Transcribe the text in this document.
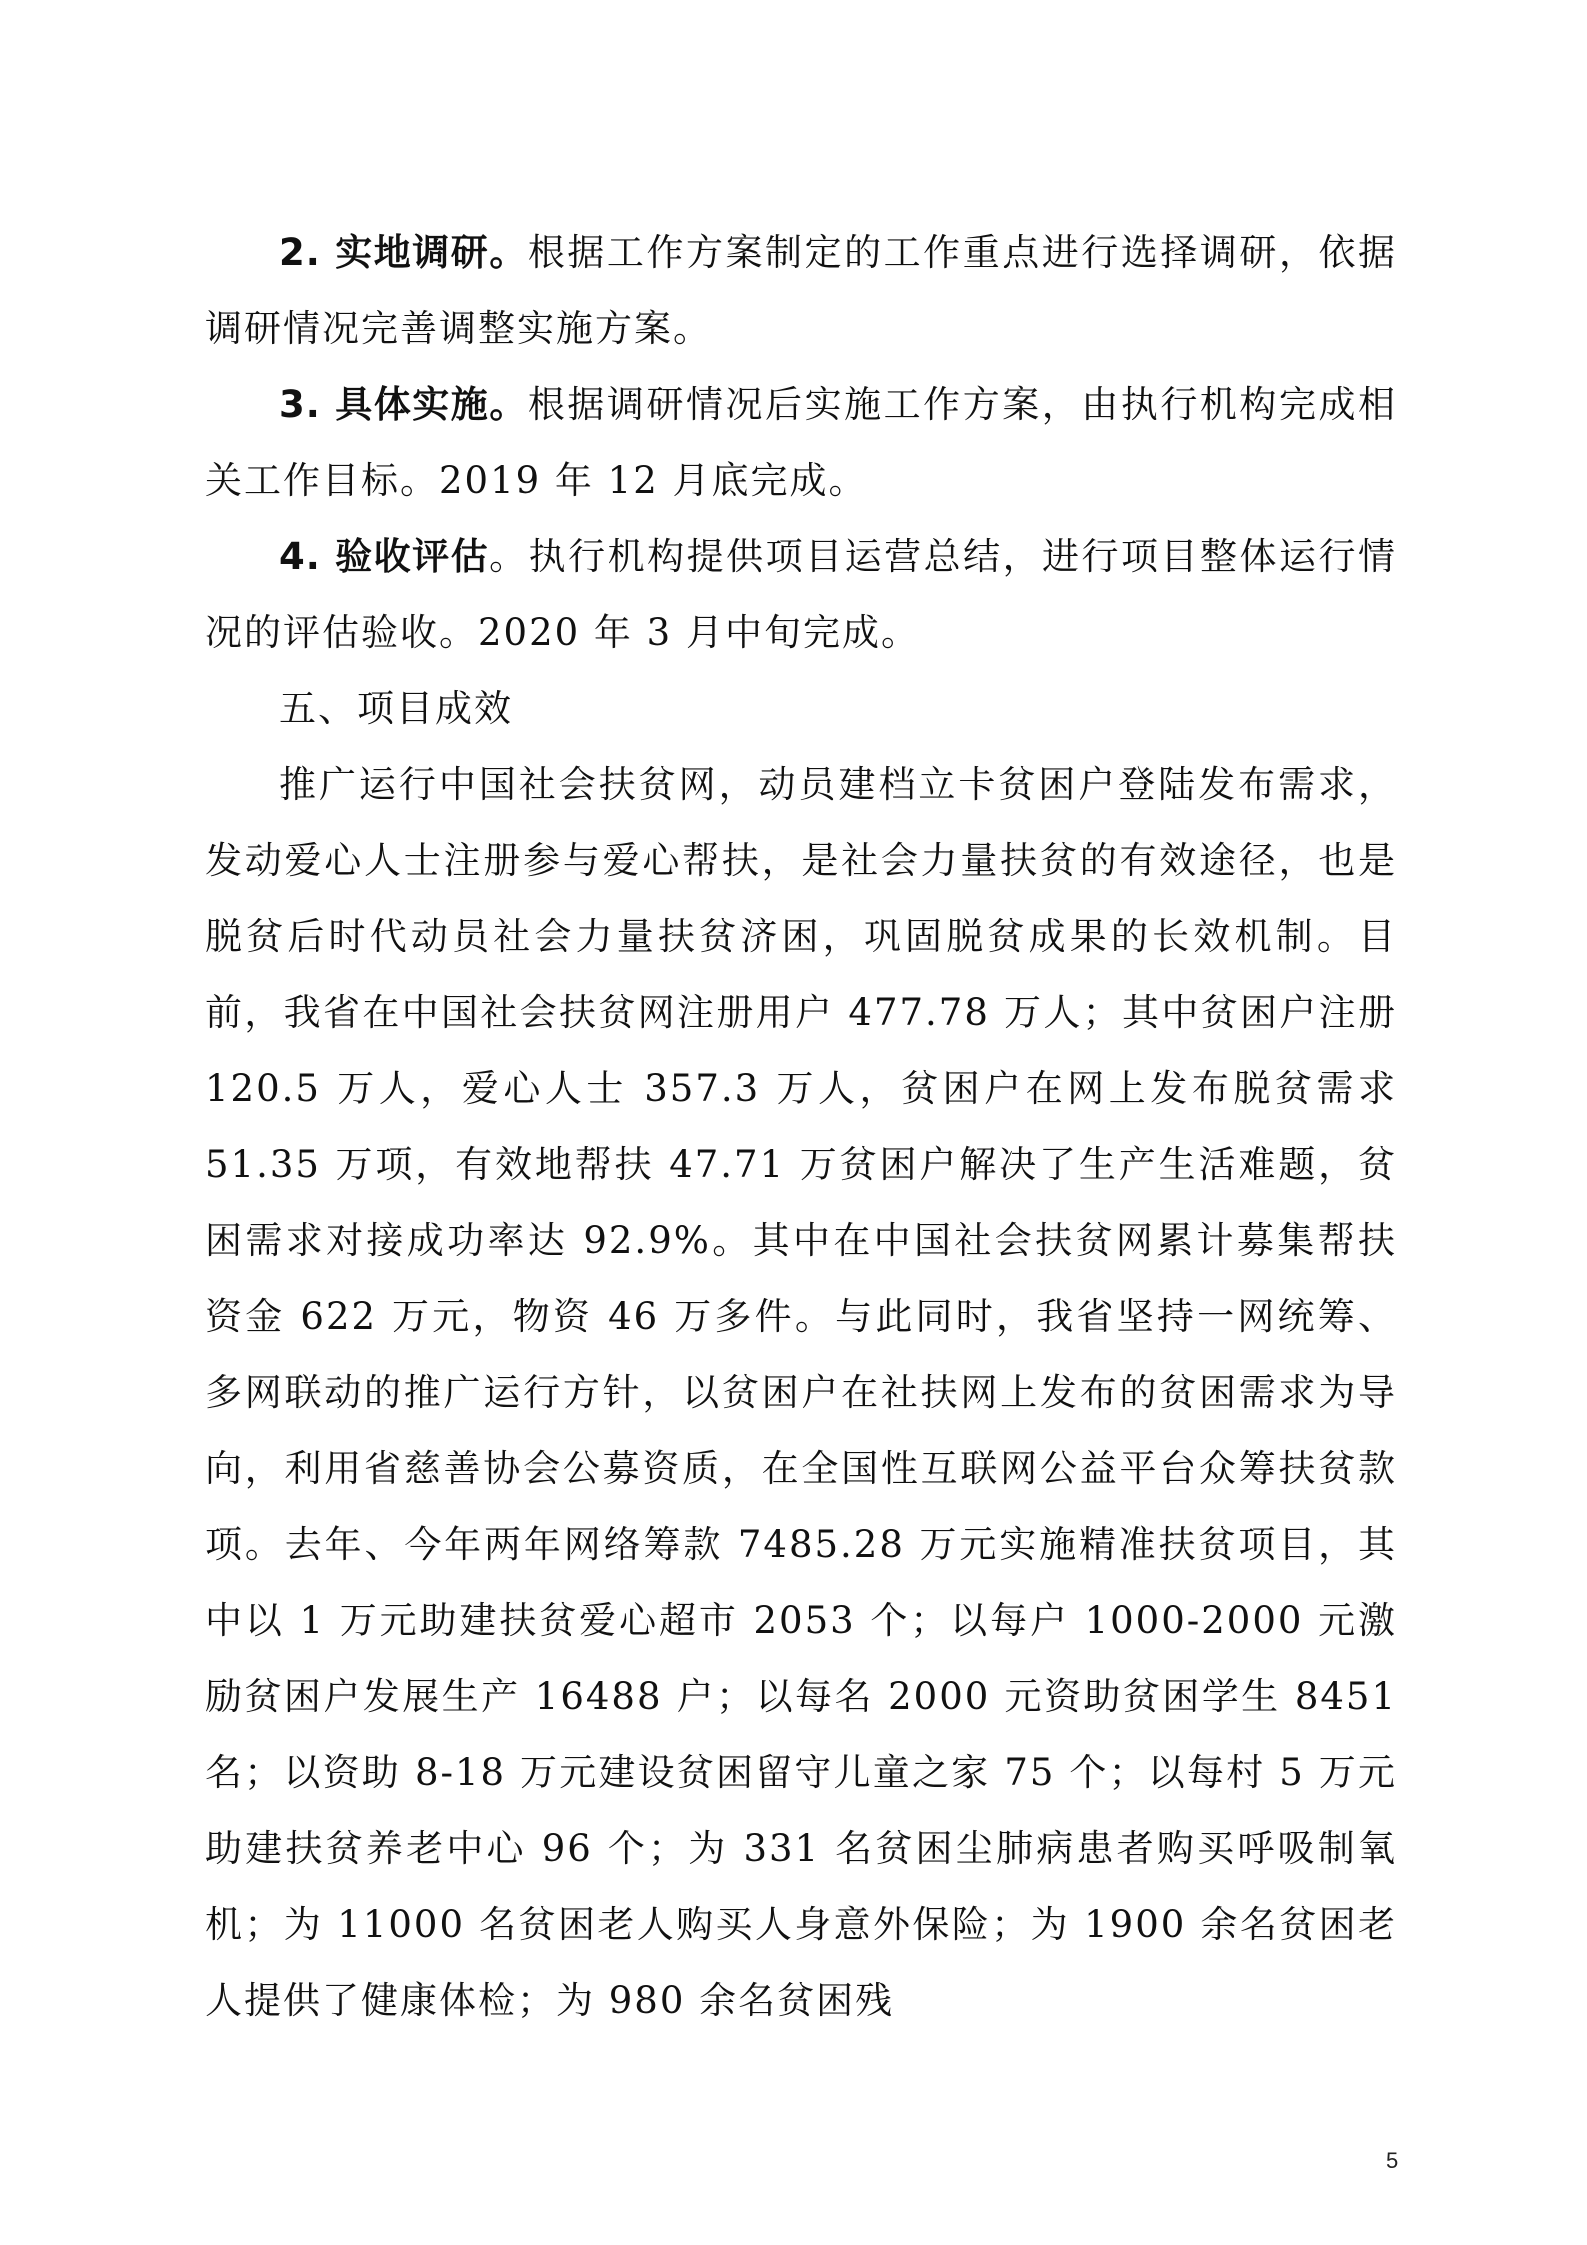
2. 实地调研。根据工作方案制定的工作重点进行选择调研，依据调研情况完善调整实施方案。

3. 具体实施。根据调研情况后实施工作方案，由执行机构完成相关工作目标。2019 年 12 月底完成。

4. 验收评估。执行机构提供项目运营总结，进行项目整体运行情况的评估验收。2020 年 3 月中旬完成。

五、项目成效

推广运行中国社会扶贫网，动员建档立卡贫困户登陆发布需求，发动爱心人士注册参与爱心帮扶，是社会力量扶贫的有效途径，也是脱贫后时代动员社会力量扶贫济困，巩固脱贫成果的长效机制。目前，我省在中国社会扶贫网注册用户 477.78 万人；其中贫困户注册 120.5 万人，爱心人士 357.3 万人，贫困户在网上发布脱贫需求 51.35 万项，有效地帮扶 47.71 万贫困户解决了生产生活难题，贫困需求对接成功率达 92.9%。其中在中国社会扶贫网累计募集帮扶资金 622 万元，物资 46 万多件。与此同时，我省坚持一网统筹、多网联动的推广运行方针，以贫困户在社扶网上发布的贫困需求为导向，利用省慈善协会公募资质，在全国性互联网公益平台众筹扶贫款项。去年、今年两年网络筹款 7485.28 万元实施精准扶贫项目，其中以 1 万元助建扶贫爱心超市 2053 个；以每户 1000-2000 元激励贫困户发展生产 16488 户；以每名 2000 元资助贫困学生 8451 名；以资助 8-18 万元建设贫困留守儿童之家 75 个；以每村 5 万元助建扶贫养老中心 96 个；为 331 名贫困尘肺病患者购买呼吸制氧机；为 11000 名贫困老人购买人身意外保险；为 1900 余名贫困老人提供了健康体检；为 980 余名贫困残

5
